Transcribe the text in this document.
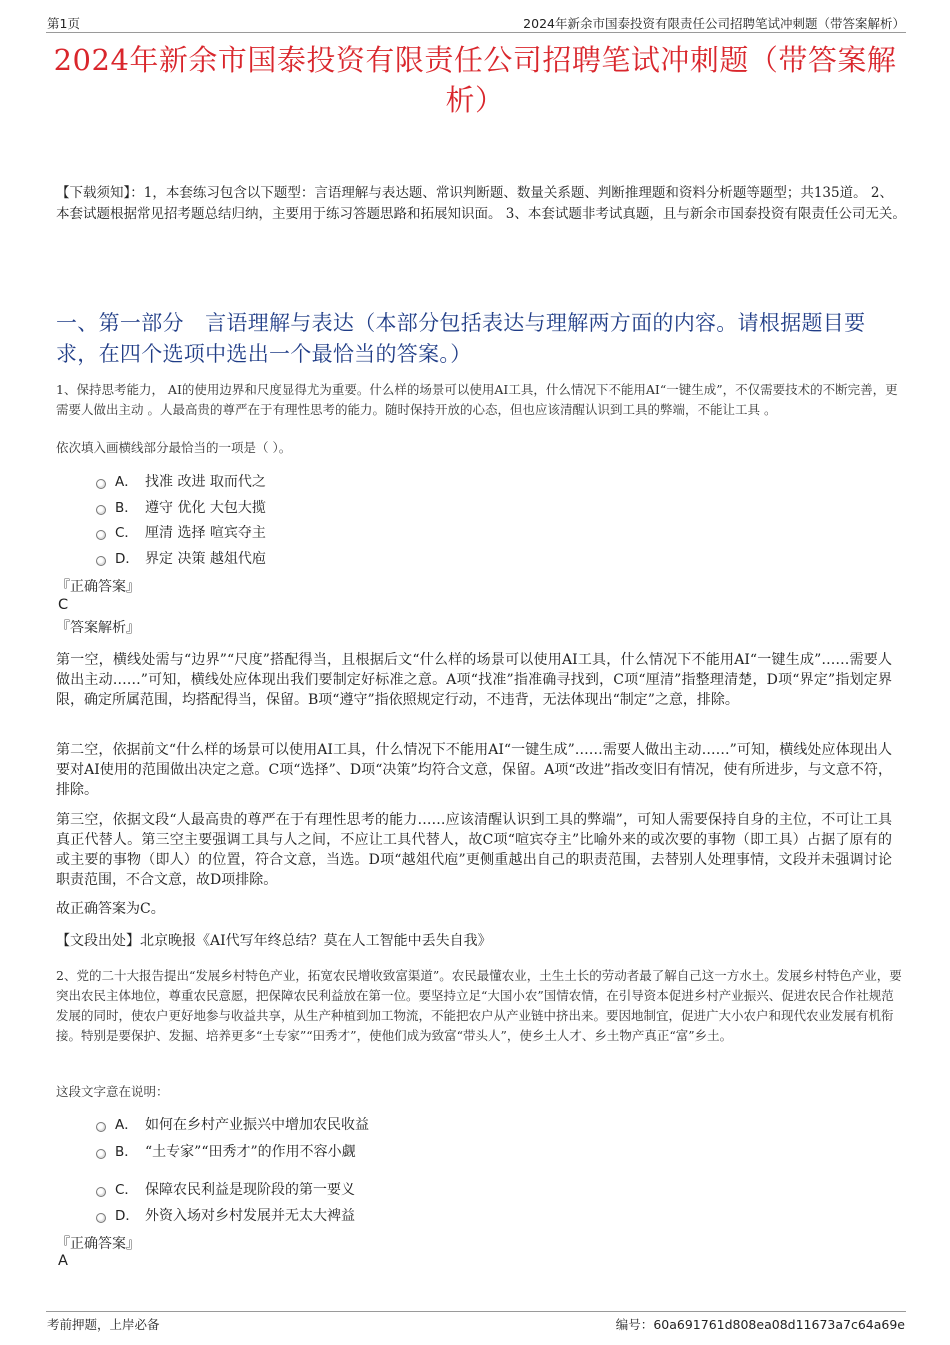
第1页	2024年新余市国泰投资有限责任公司招聘笔试冲刺题（带答案解析）
2024年新余市国泰投资有限责任公司招聘笔试冲刺题（带答案解析）
【下载须知】：1，本套练习包含以下题型：言语理解与表达题、常识判断题、数量关系题、判断推理题和资料分析题等题型；共135道。 2、本套试题根据常见招考题总结归纳，主要用于练习答题思路和拓展知识面。 3、本套试题非考试真题，且与新余市国泰投资有限责任公司无关。
一、第一部分　言语理解与表达（本部分包括表达与理解两方面的内容。请根据题目要求，在四个选项中选出一个最恰当的答案。）
1、保持思考能力， AI的使用边界和尺度显得尤为重要。什么样的场景可以使用AI工具，什么情况下不能用AI“一键生成”，不仅需要技术的不断完善，更需要人做出主动 。人最高贵的尊严在于有理性思考的能力。随时保持开放的心态，但也应该清醒认识到工具的弊端，不能让工具 。
依次填入画横线部分最恰当的一项是（ ）。
A． 找准 改进 取而代之
B． 遵守 优化 大包大揽
C． 厘清 选择 喧宾夺主
D． 界定 决策 越俎代庖
『正确答案』
C
『答案解析』
第一空，横线处需与“边界”“尺度”搭配得当，且根据后文“什么样的场景可以使用AI工具，什么情况下不能用AI“一键生成”……需要人做出主动……”可知，横线处应体现出我们要制定好标准之意。A项“找准”指准确寻找到，C项“厘清”指整理清楚，D项“界定”指划定界限，确定所属范围，均搭配得当，保留。B项“遵守”指依照规定行动，不违背，无法体现出“制定”之意，排除。
第二空，依据前文“什么样的场景可以使用AI工具，什么情况下不能用AI“一键生成”……需要人做出主动……”可知，横线处应体现出人要对AI使用的范围做出决定之意。C项“选择”、D项“决策”均符合文意，保留。A项“改进”指改变旧有情况，使有所进步，与文意不符，排除。
第三空，依据文段“人最高贵的尊严在于有理性思考的能力……应该清醒认识到工具的弊端”，可知人需要保持自身的主位，不可让工具真正代替人。第三空主要强调工具与人之间，不应让工具代替人，故C项“喧宾夺主”比喻外来的或次要的事物（即工具）占据了原有的或主要的事物（即人）的位置，符合文意，当选。D项“越俎代庖”更侧重越出自己的职责范围，去替别人处理事情，文段并未强调讨论职责范围，不合文意，故D项排除。
故正确答案为C。
【文段出处】北京晚报《AI代写年终总结？莫在人工智能中丢失自我》
2、党的二十大报告提出“发展乡村特色产业，拓宽农民增收致富渠道”。农民最懂农业，土生土长的劳动者最了解自己这一方水土。发展乡村特色产业，要突出农民主体地位，尊重农民意愿，把保障农民利益放在第一位。要坚持立足“大国小农”国情农情，在引导资本促进乡村产业振兴、促进农民合作社规范发展的同时，使农户更好地参与收益共享，从生产种植到加工物流，不能把农户从产业链中挤出来。要因地制宜，促进广大小农户和现代农业发展有机衔接。特别是要保护、发掘、培养更多“土专家”“田秀才”，使他们成为致富“带头人”，使乡土人才、乡土物产真正“富”乡土。
这段文字意在说明：
A． 如何在乡村产业振兴中增加农民收益
B． “土专家”“田秀才”的作用不容小觑
C． 保障农民利益是现阶段的第一要义
D． 外资入场对乡村发展并无太大裨益
『正确答案』
A
考前押题，上岸必备	编号：60a691761d808ea08d11673a7c64a69e
